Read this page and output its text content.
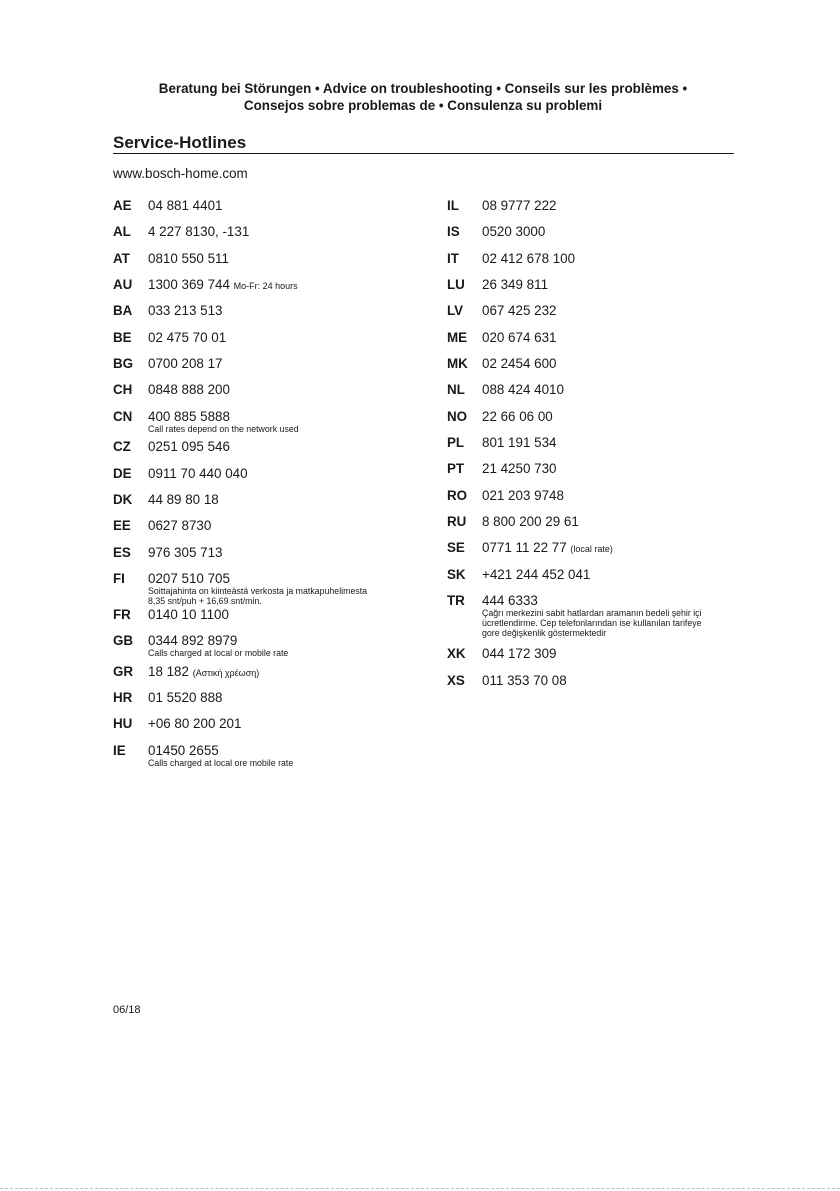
Beratung bei Störungen • Advice on troubleshooting • Conseils sur les problèmes •
Consejos sobre problemas de • Consulenza su problemi
Service-Hotlines
www.bosch-home.com
AE 04 881 4401
AL 4 227 8130, -131
AT 0810 550 511
AU 1300 369 744 Mo-Fr: 24 hours
BA 033 213 513
BE 02 475 70 01
BG 0700 208 17
CH 0848 888 200
CN 400 885 5888
Call rates depend on the network used
CZ 0251 095 546
DE 0911 70 440 040
DK 44 89 80 18
EE 0627 8730
ES 976 305 713
FI 0207 510 705
Soittajahinta on kiinteästä verkosta ja matkapuhelimesta
8,35 snt/puh + 16,69 snt/min.
FR 0140 10 1100
GB 0344 892 8979
Calls charged at local or mobile rate
GR 18 182 (Αστική χρέωση)
HR 01 5520 888
HU +06 80 200 201
IE 01450 2655
Calls charged at local ore mobile rate
IL 08 9777 222
IS 0520 3000
IT 02 412 678 100
LU 26 349 811
LV 067 425 232
ME 020 674 631
MK 02 2454 600
NL 088 424 4010
NO 22 66 06 00
PL 801 191 534
PT 21 4250 730
RO 021 203 9748
RU 8 800 200 29 61
SE 0771 11 22 77 (local rate)
SK +421 244 452 041
TR 444 6333
Çağrı merkezini sabit hatlardan aramanın bedeli şehir içi
ücretlendirme. Cep telefonlarından ise kullanılan tarifeye
gore değişkenlik göstermektedir
XK 044 172 309
XS 011 353 70 08
06/18
